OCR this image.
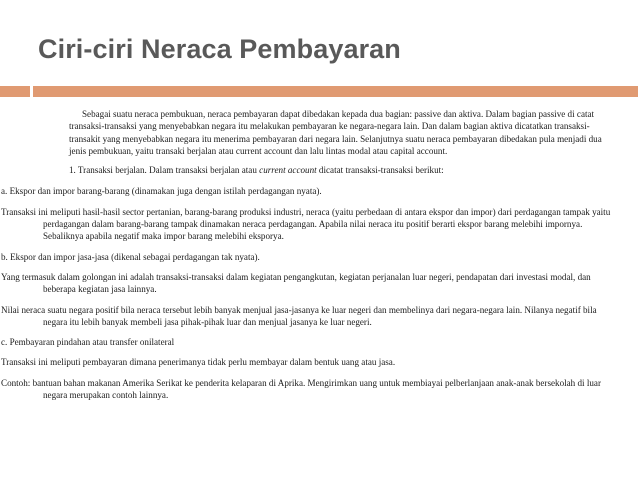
Ciri-ciri Neraca Pembayaran

Sebagai suatu neraca pembukuan, neraca pembayaran dapat dibedakan kepada dua bagian: passive dan aktiva. Dalam bagian passive di catat transaksi-transaksi yang menyebabkan negara itu melakukan pembayaran ke negara-negara lain. Dan dalam bagian aktiva dicatatkan transaksi-transakit yang menyebabkan negara itu menerima pembayaran dari negara lain. Selanjutnya suatu neraca pembayaran dibedakan pula menjadi dua jenis pembukuan, yaitu transaki berjalan atau current account dan lalu lintas modal atau capital account.

1. Transaksi berjalan. Dalam transaksi berjalan atau current account dicatat transaksi-transaksi berikut:

a. Ekspor dan impor barang-barang (dinamakan juga dengan istilah perdagangan nyata).

Transaksi ini meliputi hasil-hasil sector pertanian, barang-barang produksi industri, neraca (yaitu perbedaan di antara ekspor dan impor) dari perdagangan tampak yaitu perdagangan dalam barang-barang tampak dinamakan neraca perdagangan. Apabila nilai neraca itu positif berarti ekspor barang melebihi impornya. Sebaliknya apabila negatif maka impor barang melebihi eksporya.

b. Ekspor dan impor jasa-jasa (dikenal sebagai perdagangan tak nyata).

Yang termasuk dalam golongan ini adalah transaksi-transaksi dalam kegiatan pengangkutan, kegiatan perjanalan luar negeri, pendapatan dari investasi modal, dan beberapa kegiatan jasa lainnya.

Nilai neraca suatu negara positif bila neraca tersebut lebih banyak menjual jasa-jasanya ke luar negeri dan membelinya dari negara-negara lain. Nilanya negatif bila negara itu lebih banyak membeli jasa pihak-pihak luar dan menjual jasanya ke luar negeri.

c. Pembayaran pindahan atau transfer onilateral

Transaksi ini meliputi pembayaran dimana penerimanya tidak perlu membayar dalam bentuk uang atau jasa.

Contoh: bantuan bahan makanan Amerika Serikat ke penderita kelaparan di Aprika. Mengirimkan uang untuk membiayai pelberlanjaan anak-anak bersekolah di luar negara merupakan contoh lainnya.
